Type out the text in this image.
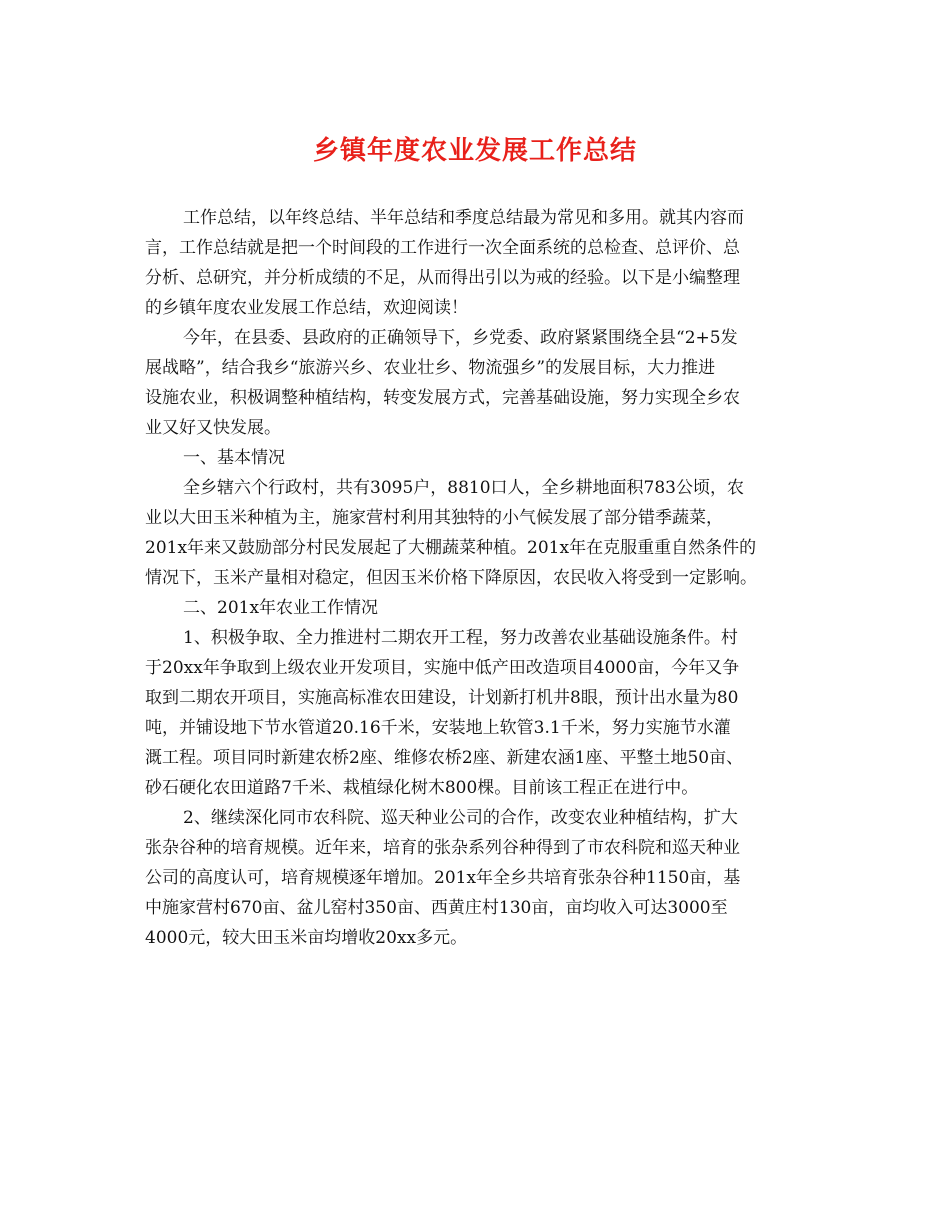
乡镇年度农业发展工作总结
工作总结，以年终总结、半年总结和季度总结最为常见和多用。就其内容而
言，工作总结就是把一个时间段的工作进行一次全面系统的总检查、总评价、总
分析、总研究，并分析成绩的不足，从而得出引以为戒的经验。以下是小编整理
的乡镇年度农业发展工作总结，欢迎阅读！
今年，在县委、县政府的正确领导下，乡党委、政府紧紧围绕全县“2+5发
展战略”，结合我乡“旅游兴乡、农业壮乡、物流强乡”的发展目标，大力推进
设施农业，积极调整种植结构，转变发展方式，完善基础设施，努力实现全乡农
业又好又快发展。
一、基本情况
全乡辖六个行政村，共有3095户，8810口人，全乡耕地面积783公顷，农
业以大田玉米种植为主，施家营村利用其独特的小气候发展了部分错季蔬菜，
201x年来又鼓励部分村民发展起了大棚蔬菜种植。201x年在克服重重自然条件的
情况下，玉米产量相对稳定，但因玉米价格下降原因，农民收入将受到一定影响。
二、201x年农业工作情况
1、积极争取、全力推进村二期农开工程，努力改善农业基础设施条件。村
于20xx年争取到上级农业开发项目，实施中低产田改造项目4000亩，今年又争
取到二期农开项目，实施高标准农田建设，计划新打机井8眼，预计出水量为80
吨，并铺设地下节水管道20.16千米，安装地上软管3.1千米，努力实施节水灌
溉工程。项目同时新建农桥2座、维修农桥2座、新建农涵1座、平整土地50亩、
砂石硬化农田道路7千米、栽植绿化树木800棵。目前该工程正在进行中。
2、继续深化同市农科院、巡天种业公司的合作，改变农业种植结构，扩大
张杂谷种的培育规模。近年来，培育的张杂系列谷种得到了市农科院和巡天种业
公司的高度认可，培育规模逐年增加。201x年全乡共培育张杂谷种1150亩，基
中施家营村670亩、盆儿窑村350亩、西黄庄村130亩，亩均收入可达3000至
4000元，较大田玉米亩均增收20xx多元。
